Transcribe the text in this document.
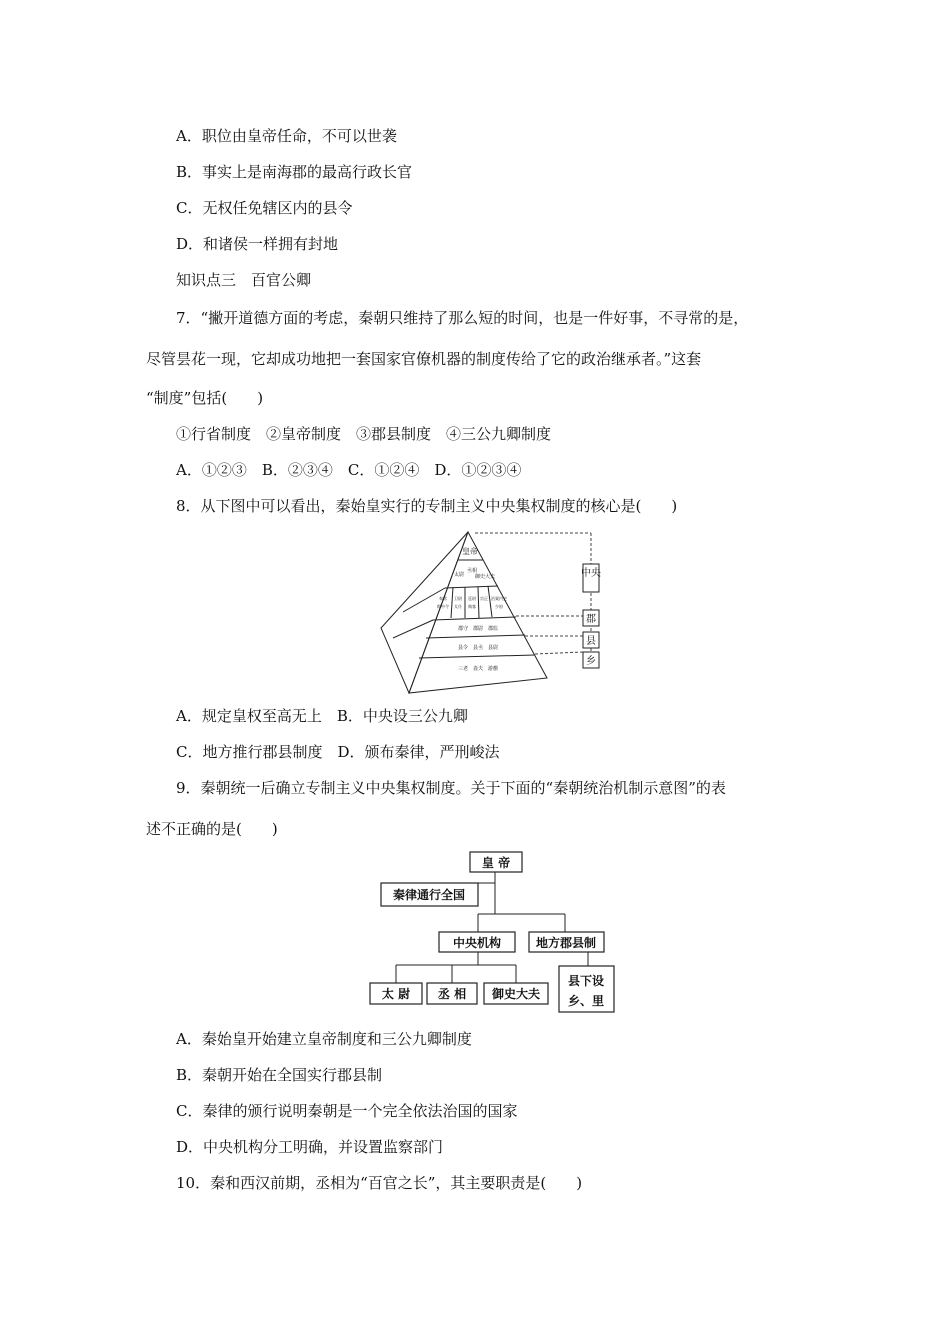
A．职位由皇帝任命，不可以世袭
B．事实上是南海郡的最高行政长官
C．无权任免辖区内的县令
D．和诸侯一样拥有封地
知识点三　百官公卿
7．“撇开道德方面的考虑，秦朝只维持了那么短的时间，也是一件好事，不寻常的是，
尽管昙花一现，它却成功地把一套国家官僚机器的制度传给了它的政治继承者。”这套
“制度”包括(　　)
①行省制度　②皇帝制度　③郡县制度　④三公九卿制度
A．①②③　B．②③④　C．①②④　D．①②③④
8．从下图中可以看出，秦始皇实行的专制主义中央集权制度的核心是(　　)
中央
郡
县
乡
皇帝
太尉
丞相
御史大夫
奉常
郎中令
卫尉
太仆
廷尉
典客
宗正 治粟内史
少府
郡守 郡尉 郡监
县令 县丞 县尉
三老 啬夫 游徼
A．规定皇权至高无上　B．中央设三公九卿
C．地方推行郡县制度　D．颁布秦律，严刑峻法
9．秦朝统一后确立专制主义中央集权制度。关于下面的“秦朝统治机制示意图”的表
述不正确的是(　　)
皇 帝
秦律通行全国
中央机构	地方郡县制
太 尉 丞 相 御史大夫
县下设
乡、里
A．秦始皇开始建立皇帝制度和三公九卿制度
B．秦朝开始在全国实行郡县制
C．秦律的颁行说明秦朝是一个完全依法治国的国家
D．中央机构分工明确，并设置监察部门
10．秦和西汉前期，丞相为“百官之长”，其主要职责是(　　)
